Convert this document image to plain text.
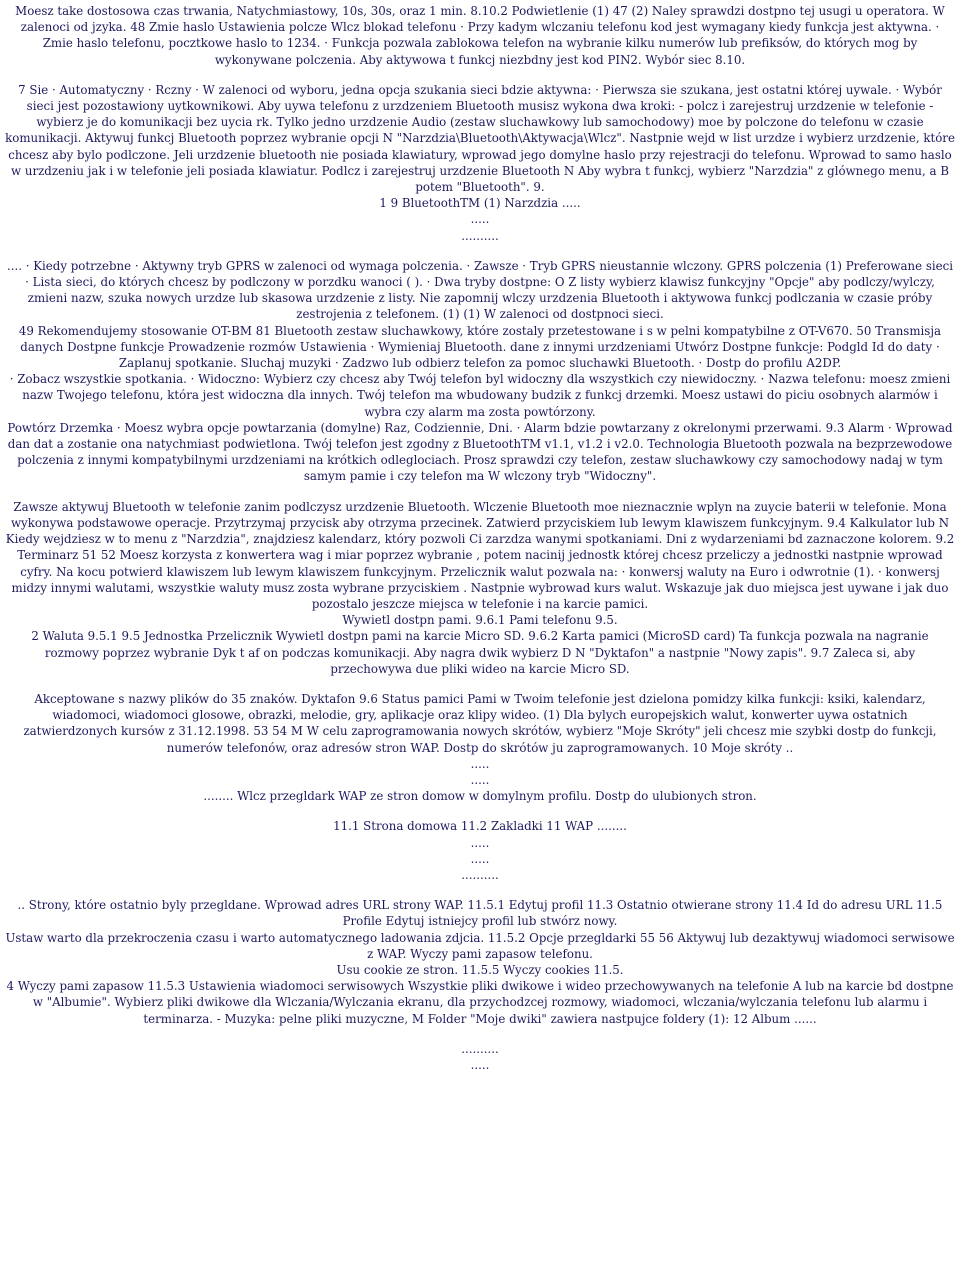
Moesz take dostosowa czas trwania, Natychmiastowy, 10s, 30s, oraz 1 min. 8.10.2 Podwietlenie (1) 47 (2) Naley sprawdzi dostpno tej usugi u operatora. W zalenoci od jzyka. 48 Zmie haslo Ustawienia polcze Wlcz blokad telefonu · Przy kadym wlczaniu telefonu kod jest wymagany kiedy funkcja jest aktywna. · Zmie haslo telefonu, pocztkowe haslo to 1234. · Funkcja pozwala zablokowa telefon na wybranie kilku numerów lub prefiksów, do których mog by wykonywane polczenia. Aby aktywowa t funkcj niezbdny jest kod PIN2. Wybór siec 8.10.

7 Sie · Automatyczny · Rczny · W zalenoci od wyboru, jedna opcja szukania sieci bdzie aktywna: · Pierwsza sie szukana, jest ostatni której uywale. · Wybór sieci jest pozostawiony uytkownikowi. Aby uywa telefonu z urzdzeniem Bluetooth musisz wykona dwa kroki: - polcz i zarejestruj urzdzenie w telefonie - wybierz je do komunikacji bez uycia rk. Tylko jedno urzdzenie Audio (zestaw sluchawkowy lub samochodowy) moe by polczone do telefonu w czasie komunikacji. Aktywuj funkcj Bluetooth poprzez wybranie opcji N "Narzdzia\Bluetooth\Aktywacja\Wlcz". Nastpnie wejd w list urzdze i wybierz urzdzenie, które chcesz aby bylo podlczone. Jeli urzdzenie bluetooth nie posiada klawiatury, wprowad jego domylne haslo przy rejestracji do telefonu. Wprowad to samo haslo w urzdzeniu jak i w telefonie jeli posiada klawiatur. Podlcz i zarejestruj urzdzenie Bluetooth N Aby wybra t funkcj, wybierz "Narzdzia" z glównego menu, a B potem "Bluetooth". 9.

1 9 BluetoothTM (1) Narzdzia .....

.....

..........

.... · Kiedy potrzebne · Aktywny tryb GPRS w zalenoci od wymaga polczenia. · Zawsze · Tryb GPRS nieustannie wlczony. GPRS polczenia (1) Preferowane sieci · Lista sieci, do których chcesz by podlczony w porzdku wanoci ( ). · Dwa tryby dostpne: O Z listy wybierz klawisz funkcyjny "Opcje" aby podlczy/wylczy, zmieni nazw, szuka nowych urzdze lub skasowa urzdzenie z listy. Nie zapomnij wlczy urzdzenia Bluetooth i aktywowa funkcj podlczania w czasie próby zestrojenia z telefonem. (1) (1) W zalenoci od dostpnoci sieci.

49 Rekomendujemy stosowanie OT-BM 81 Bluetooth zestaw sluchawkowy, które zostaly przetestowane i s w pelni kompatybilne z OT-V670. 50 Transmisja danych Dostpne funkcje Prowadzenie rozmów Ustawienia · Wymieniaj Bluetooth. dane z innymi urzdzeniami Utwórz Dostpne funkcje: Podgld Id do daty · Zaplanuj spotkanie. Sluchaj muzyki · Zadzwo lub odbierz telefon za pomoc sluchawki Bluetooth. · Dostp do profilu A2DP.

· Zobacz wszystkie spotkania. · Widoczno: Wybierz czy chcesz aby Twój telefon byl widoczny dla wszystkich czy niewidoczny. · Nazwa telefonu: moesz zmieni nazw Twojego telefonu, która jest widoczna dla innych. Twój telefon ma wbudowany budzik z funkcj drzemki. Moesz ustawi do piciu osobnych alarmów i wybra czy alarm ma zosta powtórzony.

Powtórz Drzemka · Moesz wybra opcje powtarzania (domylne) Raz, Codziennie, Dni. · Alarm bdzie powtarzany z okrelonymi przerwami. 9.3 Alarm · Wprowad dan dat a zostanie ona natychmiast podwietlona. Twój telefon jest zgodny z BluetoothTM v1.1, v1.2 i v2.0. Technologia Bluetooth pozwala na bezprzewodowe polczenia z innymi kompatybilnymi urzdzeniami na krótkich odleglociach. Prosz sprawdzi czy telefon, zestaw sluchawkowy czy samochodowy nadaj w tym samym pamie i czy telefon ma W wlczony tryb "Widoczny".

Zawsze aktywuj Bluetooth w telefonie zanim podlczysz urzdzenie Bluetooth. Wlczenie Bluetooth moe nieznacznie wplyn na zuycie baterii w telefonie. Mona wykonywa podstawowe operacje. Przytrzymaj przycisk aby otrzyma przecinek. Zatwierd przyciskiem lub lewym klawiszem funkcyjnym. 9.4 Kalkulator lub N Kiedy wejdziesz w to menu z "Narzdzia", znajdziesz kalendarz, który pozwoli Ci zarzdza wanymi spotkaniami. Dni z wydarzeniami bd zaznaczone kolorem. 9.2 Terminarz 51 52 Moesz korzysta z konwertera wag i miar poprzez wybranie , potem nacinij jednostk której chcesz przeliczy a jednostki nastpnie wprowad cyfry. Na kocu potwierd klawiszem lub lewym klawiszem funkcyjnym. Przelicznik walut pozwala na: · konwersj waluty na Euro i odwrotnie (1). · konwersj midzy innymi walutami, wszystkie waluty musz zosta wybrane przyciskiem . Nastpnie wybrowad kurs walut. Wskazuje jak duo miejsca jest uywane i jak duo pozostalo jeszcze miejsca w telefonie i na karcie pamici.

Wywietl dostpn pami. 9.6.1 Pami telefonu 9.5.

2 Waluta 9.5.1 9.5 Jednostka Przelicznik Wywietl dostpn pami na karcie Micro SD. 9.6.2 Karta pamici (MicroSD card) Ta funkcja pozwala na nagranie rozmowy poprzez wybranie Dyk t af on podczas komunikacji. Aby nagra dwik wybierz D N "Dyktafon" a nastpnie "Nowy zapis". 9.7 Zaleca si, aby przechowywa due pliki wideo na karcie Micro SD.

Akceptowane s nazwy plików do 35 znaków. Dyktafon 9.6 Status pamici Pami w Twoim telefonie jest dzielona pomidzy kilka funkcji: ksiki, kalendarz, wiadomoci, wiadomoci glosowe, obrazki, melodie, gry, aplikacje oraz klipy wideo. (1) Dla bylych europejskich walut, konwerter uywa ostatnich zatwierdzonych kursów z 31.12.1998. 53 54 M W celu zaprogramowania nowych skrótów, wybierz "Moje Skróty" jeli chcesz mie szybki dostp do funkcji, numerów telefonów, oraz adresów stron WAP. Dostp do skrótów ju zaprogramowanych. 10 Moje skróty ..

.....

.....

........ Wlcz przegldark WAP ze stron domow w domylnym profilu. Dostp do ulubionych stron.

11.1 Strona domowa 11.2 Zakladki 11 WAP ........

.....

.....

..........

.. Strony, które ostatnio byly przegldane. Wprowad adres URL strony WAP. 11.5.1 Edytuj profil 11.3 Ostatnio otwierane strony 11.4 Id do adresu URL 11.5 Profile Edytuj istniejcy profil lub stwórz nowy.

Ustaw warto dla przekroczenia czasu i warto automatycznego ladowania zdjcia. 11.5.2 Opcje przegldarki 55 56 Aktywuj lub dezaktywuj wiadomoci serwisowe z WAP. Wyczy pami zapasow telefonu.

Usu cookie ze stron. 11.5.5 Wyczy cookies 11.5.

4 Wyczy pami zapasow 11.5.3 Ustawienia wiadomoci serwisowych Wszystkie pliki dwikowe i wideo przechowywanych na telefonie A lub na karcie bd dostpne w "Albumie". Wybierz pliki dwikowe dla Wlczania/Wylczania ekranu, dla przychodzcej rozmowy, wiadomoci, wlczania/wylczania telefonu lub alarmu i terminarza. - Muzyka: pelne pliki muzyczne, M Folder "Moje dwiki" zawiera nastpujce foldery (1): 12 Album ......

..........

.....
